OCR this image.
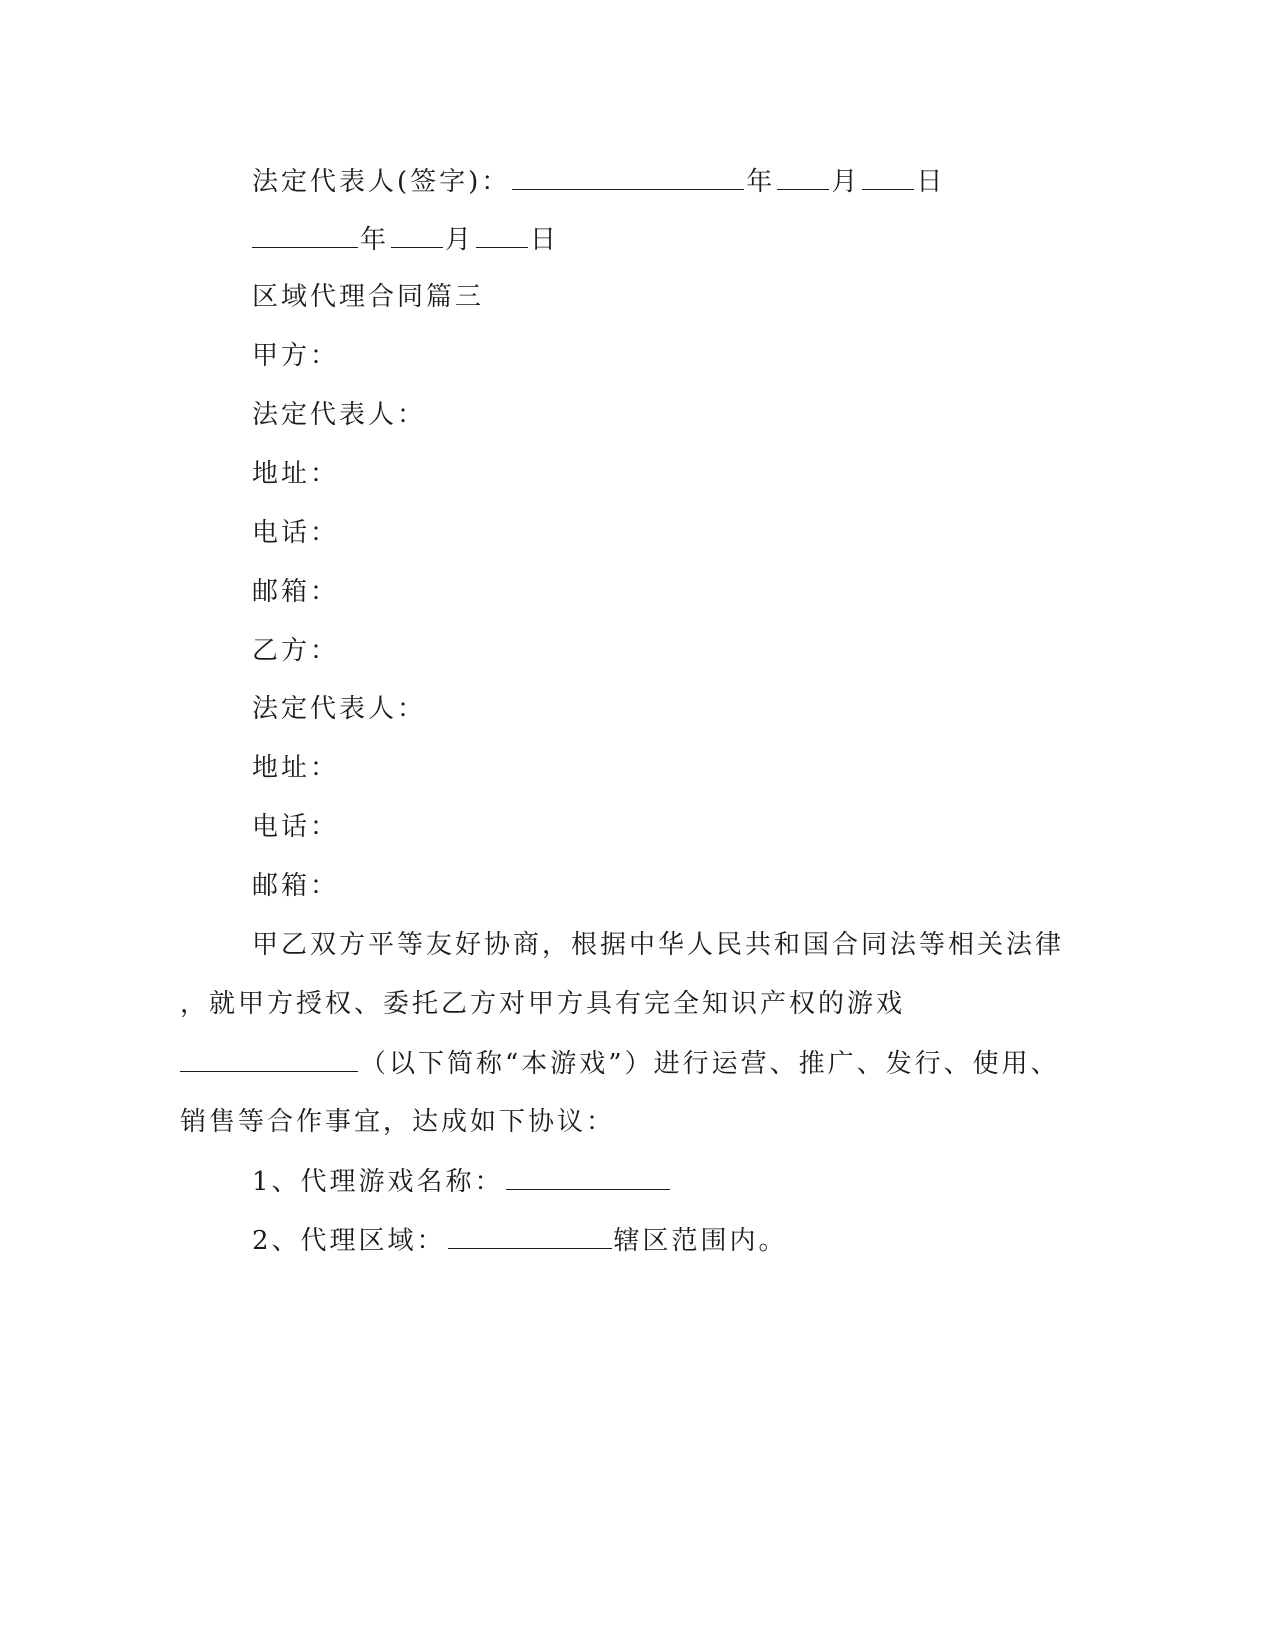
法定代表人(签字)：	年 月 日
年 月 日
区域代理合同篇三
甲方：
法定代表人：
地址：
电话：
邮箱：
乙方：
法定代表人：
地址：
电话：
邮箱：
甲乙双方平等友好协商，根据中华人民共和国合同法等相关法律
，就甲方授权、委托乙方对甲方具有完全知识产权的游戏
（以下简称“本游戏”）进行运营、推广、发行、使用、
销售等合作事宜，达成如下协议：
1、代理游戏名称：
2、代理区域：	辖区范围内。
